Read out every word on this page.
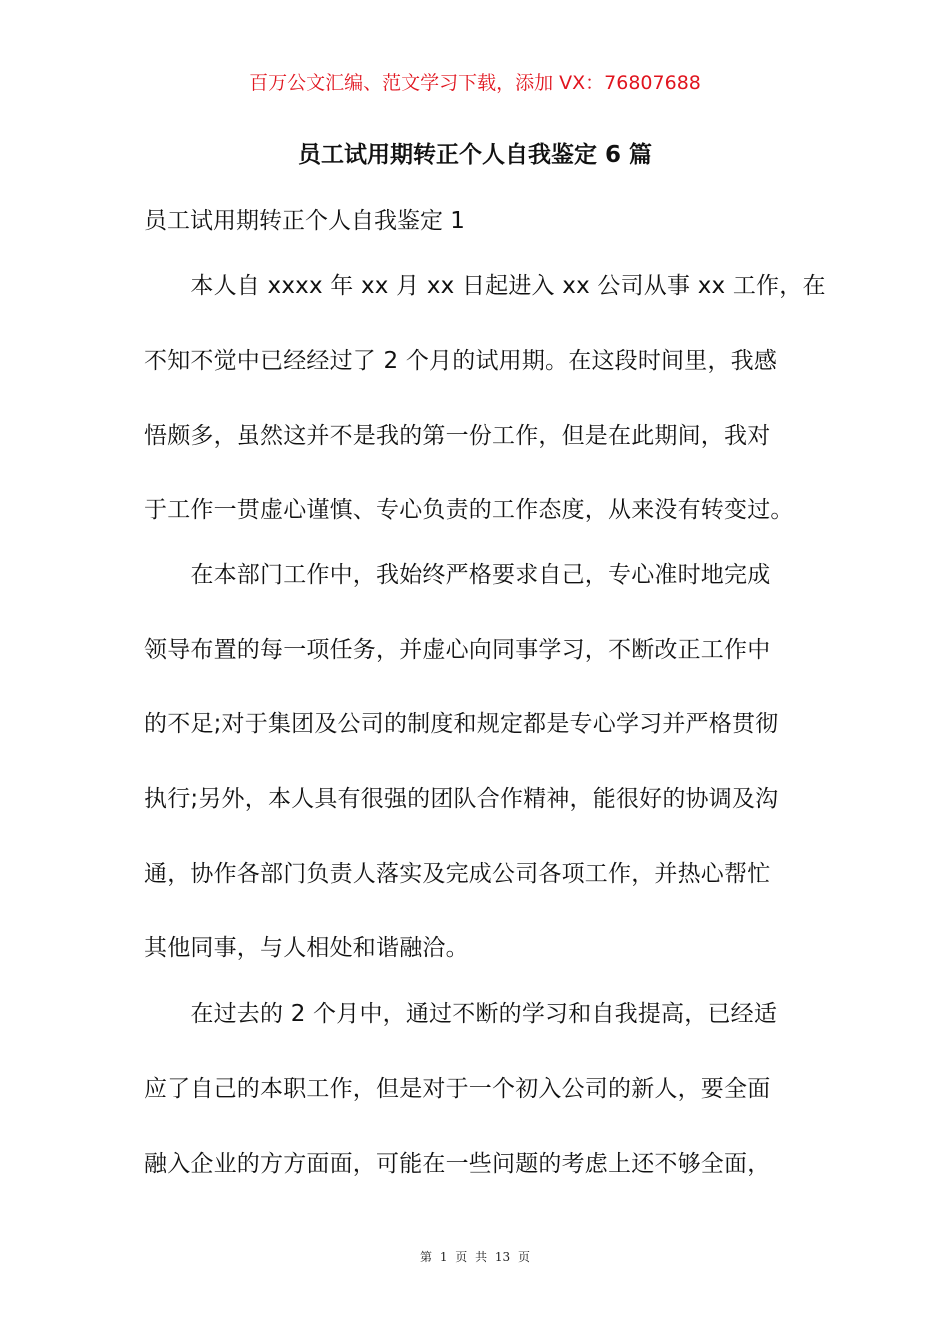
百万公文汇编、范文学习下载，添加 VX：76807688
员工试用期转正个人自我鉴定 6 篇
员工试用期转正个人自我鉴定 1
　　本人自 xxxx 年 xx 月 xx 日起进入 xx 公司从事 xx 工作，在
不知不觉中已经经过了 2 个月的试用期。在这段时间里，我感
悟颇多，虽然这并不是我的第一份工作，但是在此期间，我对
于工作一贯虚心谨慎、专心负责的工作态度，从来没有转变过。
　　在本部门工作中，我始终严格要求自己，专心准时地完成
领导布置的每一项任务，并虚心向同事学习，不断改正工作中
的不足;对于集团及公司的制度和规定都是专心学习并严格贯彻
执行;另外，本人具有很强的团队合作精神，能很好的协调及沟
通，协作各部门负责人落实及完成公司各项工作，并热心帮忙
其他同事，与人相处和谐融洽。
　　在过去的 2 个月中，通过不断的学习和自我提高，已经适
应了自己的本职工作，但是对于一个初入公司的新人，要全面
融入企业的方方面面，可能在一些问题的考虑上还不够全面，
第 1 页 共 13 页
